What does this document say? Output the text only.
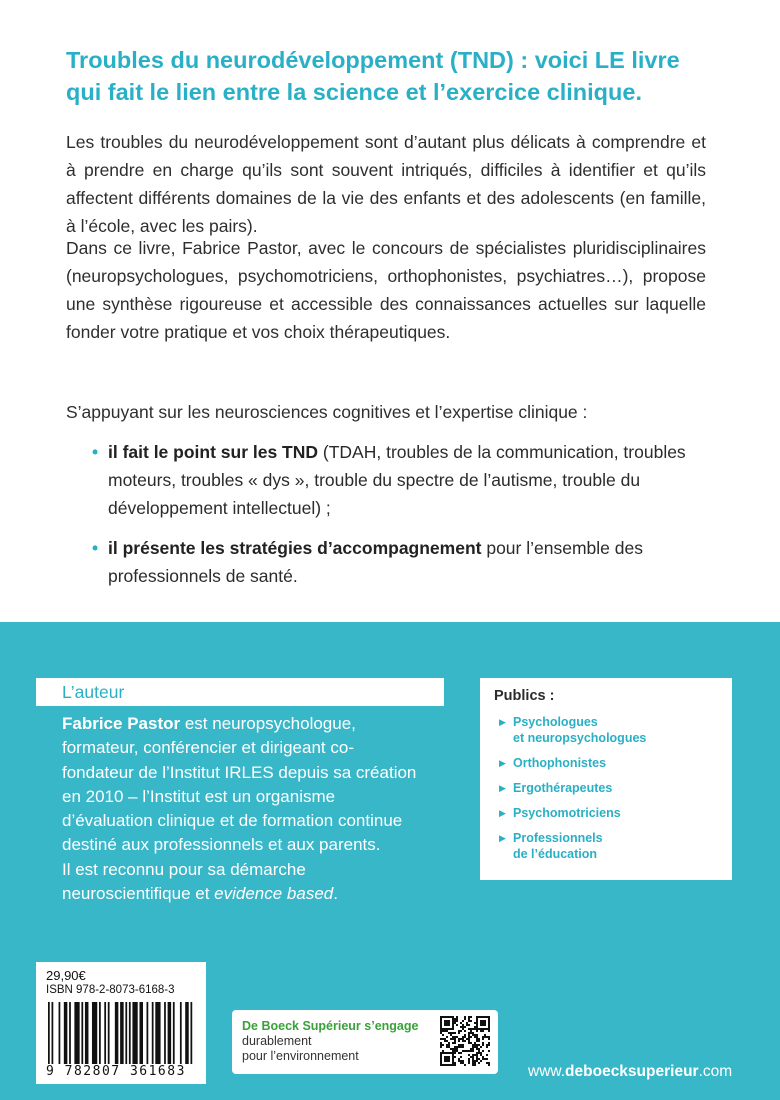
Troubles du neurodéveloppement (TND) : voici LE livre
qui fait le lien entre la science et l’exercice clinique.

Les troubles du neurodéveloppement sont d’autant plus délicats à comprendre et à prendre en charge qu’ils sont souvent intriqués, difficiles à identifier et qu’ils affectent différents domaines de la vie des enfants et des adolescents (en famille, à l’école, avec les pairs).

Dans ce livre, Fabrice Pastor, avec le concours de spécialistes pluridisciplinaires (neuropsychologues, psychomotriciens, orthophonistes, psychiatres…), propose une synthèse rigoureuse et accessible des connaissances actuelles sur laquelle fonder votre pratique et vos choix thérapeutiques.

S’appuyant sur les neurosciences cognitives et l’expertise clinique :

• il fait le point sur les TND (TDAH, troubles de la communication, troubles moteurs, troubles « dys », trouble du spectre de l’autisme, trouble du développement intellectuel) ;
• il présente les stratégies d’accompagnement pour l’ensemble des professionnels de santé.
L’auteur
Fabrice Pastor est neuropsychologue, formateur, conférencier et dirigeant co-fondateur de l’Institut IRLES depuis sa création en 2010 – l’Institut est un organisme d’évaluation clinique et de formation continue destiné aux professionnels et aux parents.
Il est reconnu pour sa démarche neuroscientifique et evidence based.
Publics :
▶ Psychologues
et neuropsychologues
▶ Orthophonistes
▶ Ergothérapeutes
▶ Psychomotriciens
▶ Professionnels
de l’éducation
29,90€
ISBN 978-2-8073-6168-3
9 782807 361683
De Boeck Supérieur s’engage
durablement
pour l’environnement
www.deboecksuperieur.com
